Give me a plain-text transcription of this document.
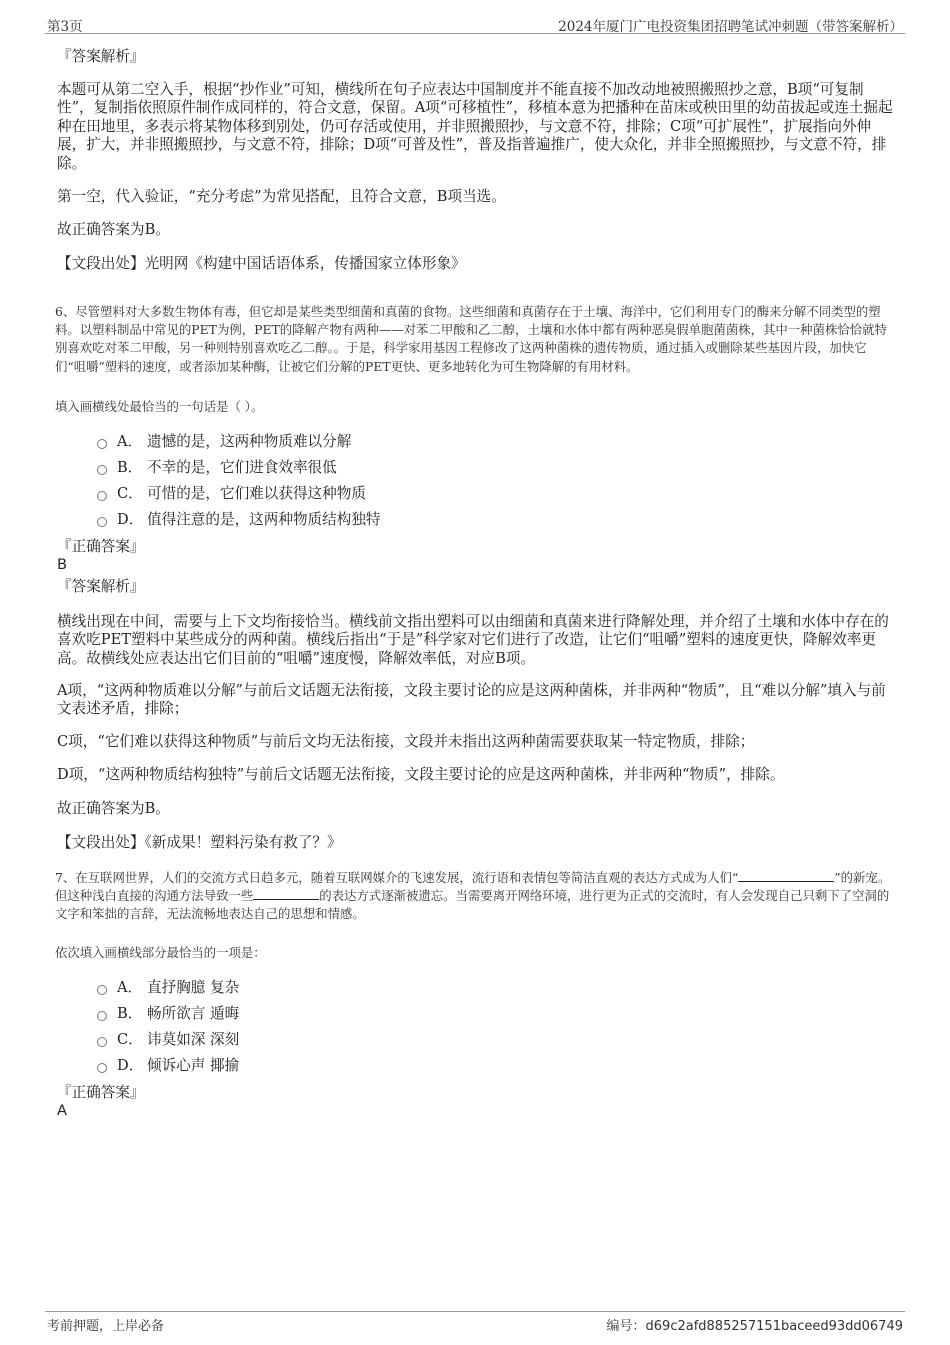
第3页	2024年厦门广电投资集团招聘笔试冲刺题（带答案解析）
『答案解析』
本题可从第二空入手，根据“抄作业”可知，横线所在句子应表达中国制度并不能直接不加改动地被照搬照抄之意，B项“可复制性”，复制指依照原件制作成同样的，符合文意，保留。A项“可移植性”，移植本意为把播种在苗床或秧田里的幼苗拔起或连土掘起种在田地里，多表示将某物体移到别处，仍可存活或使用，并非照搬照抄，与文意不符，排除；C项“可扩展性”，扩展指向外伸展，扩大，并非照搬照抄，与文意不符，排除；D项“可普及性”，普及指普遍推广，使大众化，并非全照搬照抄，与文意不符，排除。
第一空，代入验证，“充分考虑”为常见搭配，且符合文意，B项当选。
故正确答案为B。
【文段出处】光明网《构建中国话语体系，传播国家立体形象》
6、尽管塑料对大多数生物体有毒，但它却是某些类型细菌和真菌的食物。这些细菌和真菌存在于土壤、海洋中，它们利用专门的酶来分解不同类型的塑料。以塑料制品中常见的PET为例，PET的降解产物有两种——对苯二甲酸和乙二醇，土壤和水体中都有两种恶臭假单胞菌菌株，其中一种菌株恰恰就特别喜欢吃对苯二甲酸，另一种则特别喜欢吃乙二醇。。于是，科学家用基因工程修改了这两种菌株的遗传物质，通过插入或删除某些基因片段，加快它们“咀嚼”塑料的速度，或者添加某种酶，让被它们分解的PET更快、更多地转化为可生物降解的有用材料。
填入画横线处最恰当的一句话是（ ）。
A． 遗憾的是，这两种物质难以分解
B． 不幸的是，它们进食效率很低
C． 可惜的是，它们难以获得这种物质
D． 值得注意的是，这两种物质结构独特
『正确答案』
B
『答案解析』
横线出现在中间，需要与上下文均衔接恰当。横线前文指出塑料可以由细菌和真菌来进行降解处理，并介绍了土壤和水体中存在的喜欢吃PET塑料中某些成分的两种菌。横线后指出“于是”科学家对它们进行了改造，让它们“咀嚼”塑料的速度更快，降解效率更高。故横线处应表达出它们目前的“咀嚼”速度慢，降解效率低，对应B项。
A项，“这两种物质难以分解”与前后文话题无法衔接，文段主要讨论的应是这两种菌株，并非两种“物质”，且“难以分解”填入与前文表述矛盾，排除；
C项，“它们难以获得这种物质”与前后文均无法衔接，文段并未指出这两种菌需要获取某一特定物质，排除；
D项，“这两种物质结构独特”与前后文话题无法衔接，文段主要讨论的应是这两种菌株，并非两种“物质”，排除。
故正确答案为B。
【文段出处】《新成果！塑料污染有救了？》
7、在互联网世界，人们的交流方式日趋多元，随着互联网媒介的飞速发展，流行语和表情包等简洁直观的表达方式成为人们“	”的新宠。但这种浅白直接的沟通方法导致一些	的表达方式逐渐被遗忘。当需要离开网络环境，进行更为正式的交流时，有人会发现自己只剩下了空洞的文字和笨拙的言辞，无法流畅地表达自己的思想和情感。
依次填入画横线部分最恰当的一项是：
A． 直抒胸臆 复杂
B． 畅所欲言 遁晦
C． 讳莫如深 深刻
D． 倾诉心声 揶揄
『正确答案』
A
考前押题，上岸必备	编号：d69c2afd885257151baceed93dd06749
